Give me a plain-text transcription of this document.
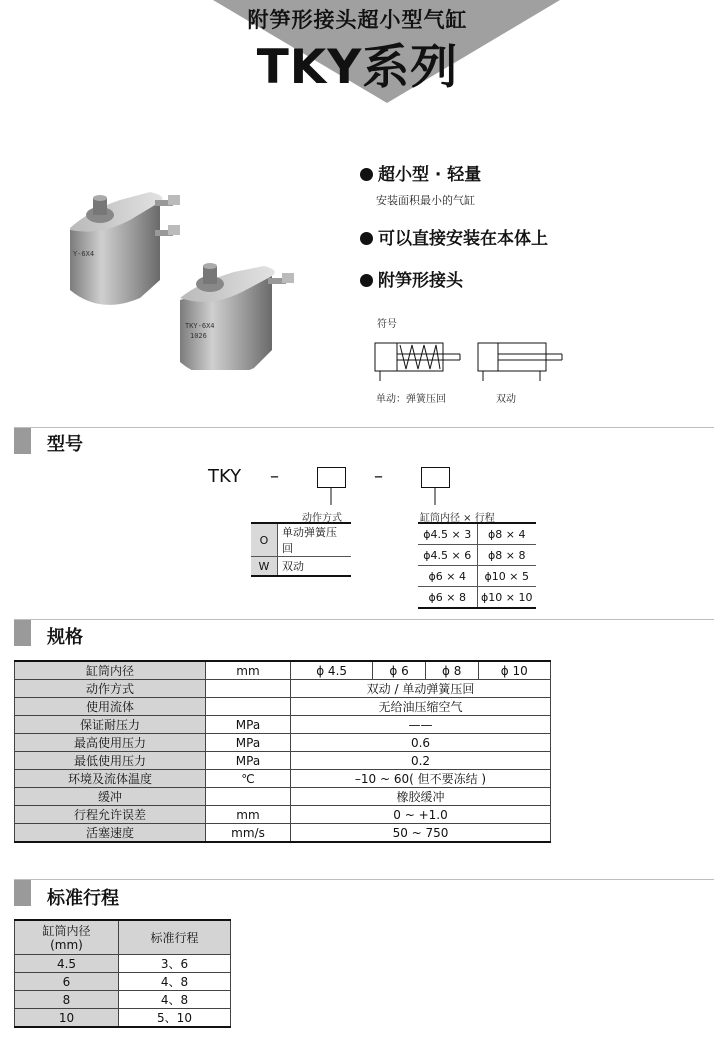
附笋形接头超小型气缸
TKY系列
Y-6X4
TKY-6X4
1026
超小型 · 轻量
安装面积最小的气缸
可以直接安装在本体上
附笋形接头
符号
单动：弹簧压回	双动
型号
TKY –	–
动作方式	缸筒内径 × 行程
O	单动弹簧压回
W	双动
ϕ4.5 × 3	ϕ8 × 4
ϕ4.5 × 6	ϕ8 × 8
ϕ6 × 4	ϕ10 × 5
ϕ6 × 8	ϕ10 × 10
规格
缸筒内径	mm	ϕ 4.5	ϕ 6	ϕ 8	ϕ 10
动作方式		双动 / 单动弹簧压回			
使用流体		无给油压缩空气			
保证耐压力	MPa	——			
最高使用压力	MPa	0.6			
最低使用压力	MPa	0.2			
环境及流体温度	℃	–10 ~ 60( 但不要冻结 )			
缓冲		橡胶缓冲			
行程允许误差	mm	0 ~ +1.0			
活塞速度	mm/s	50 ~ 750			
标准行程
缸筒内径
(mm)	标准行程
4.5	3、6
6	4、8
8	4、8
10	5、10
